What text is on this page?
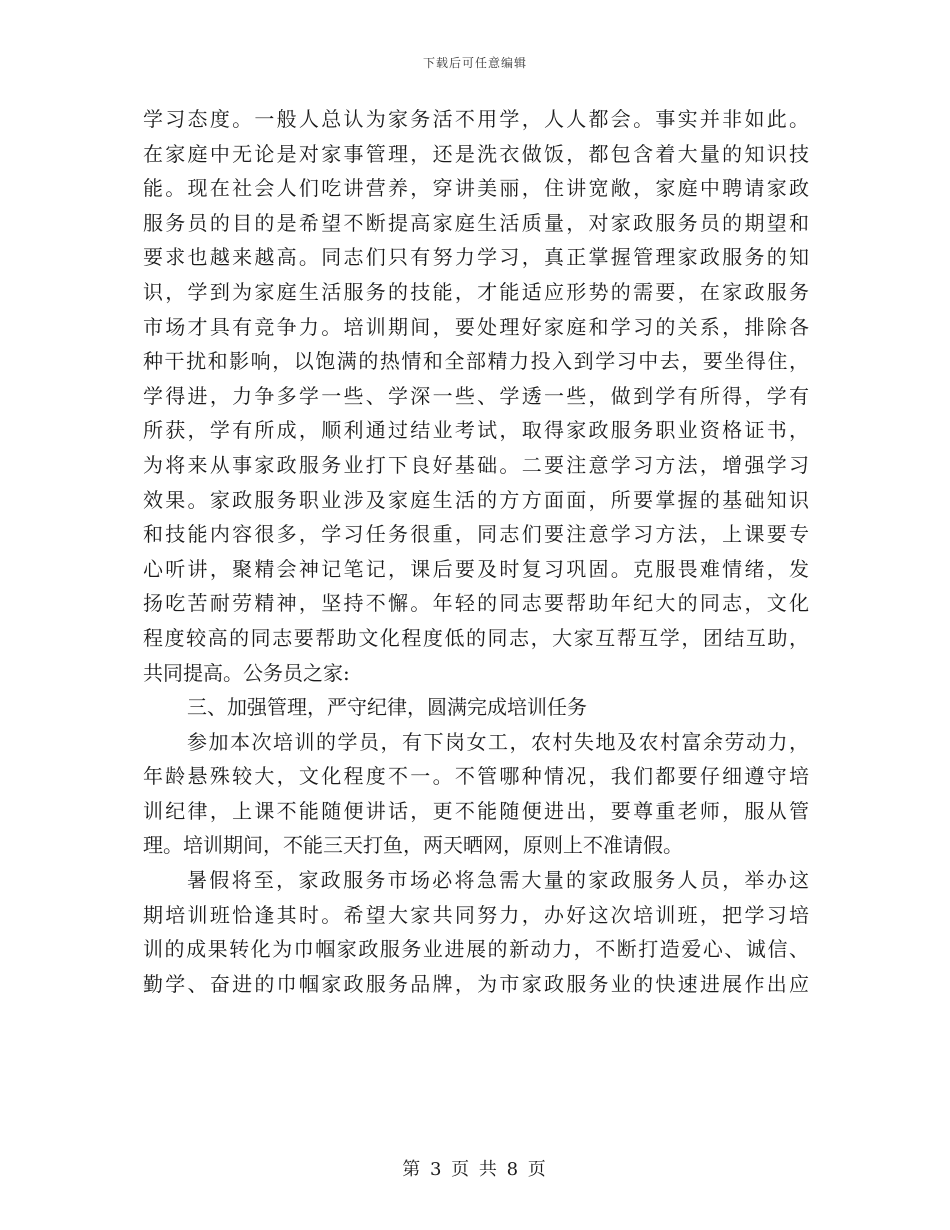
下载后可任意编辑
学习态度。一般人总认为家务活不用学，人人都会。事实并非如此。
在家庭中无论是对家事管理，还是洗衣做饭，都包含着大量的知识技
能。现在社会人们吃讲营养，穿讲美丽，住讲宽敞，家庭中聘请家政
服务员的目的是希望不断提高家庭生活质量，对家政服务员的期望和
要求也越来越高。同志们只有努力学习，真正掌握管理家政服务的知
识，学到为家庭生活服务的技能，才能适应形势的需要，在家政服务
市场才具有竞争力。培训期间，要处理好家庭和学习的关系，排除各
种干扰和影响，以饱满的热情和全部精力投入到学习中去，要坐得住，
学得进，力争多学一些、学深一些、学透一些，做到学有所得，学有
所获，学有所成，顺利通过结业考试，取得家政服务职业资格证书，
为将来从事家政服务业打下良好基础。二要注意学习方法，增强学习
效果。家政服务职业涉及家庭生活的方方面面，所要掌握的基础知识
和技能内容很多，学习任务很重，同志们要注意学习方法，上课要专
心听讲，聚精会神记笔记，课后要及时复习巩固。克服畏难情绪，发
扬吃苦耐劳精神，坚持不懈。年轻的同志要帮助年纪大的同志，文化
程度较高的同志要帮助文化程度低的同志，大家互帮互学，团结互助，
共同提高。公务员之家:
三、加强管理，严守纪律，圆满完成培训任务
参加本次培训的学员，有下岗女工，农村失地及农村富余劳动力，
年龄悬殊较大，文化程度不一。不管哪种情况，我们都要仔细遵守培
训纪律，上课不能随便讲话，更不能随便进出，要尊重老师，服从管
理。培训期间，不能三天打鱼，两天晒网，原则上不准请假。
暑假将至，家政服务市场必将急需大量的家政服务人员，举办这
期培训班恰逢其时。希望大家共同努力，办好这次培训班，把学习培
训的成果转化为巾帼家政服务业进展的新动力，不断打造爱心、诚信、
勤学、奋进的巾帼家政服务品牌，为市家政服务业的快速进展作出应
第 3 页 共 8 页
